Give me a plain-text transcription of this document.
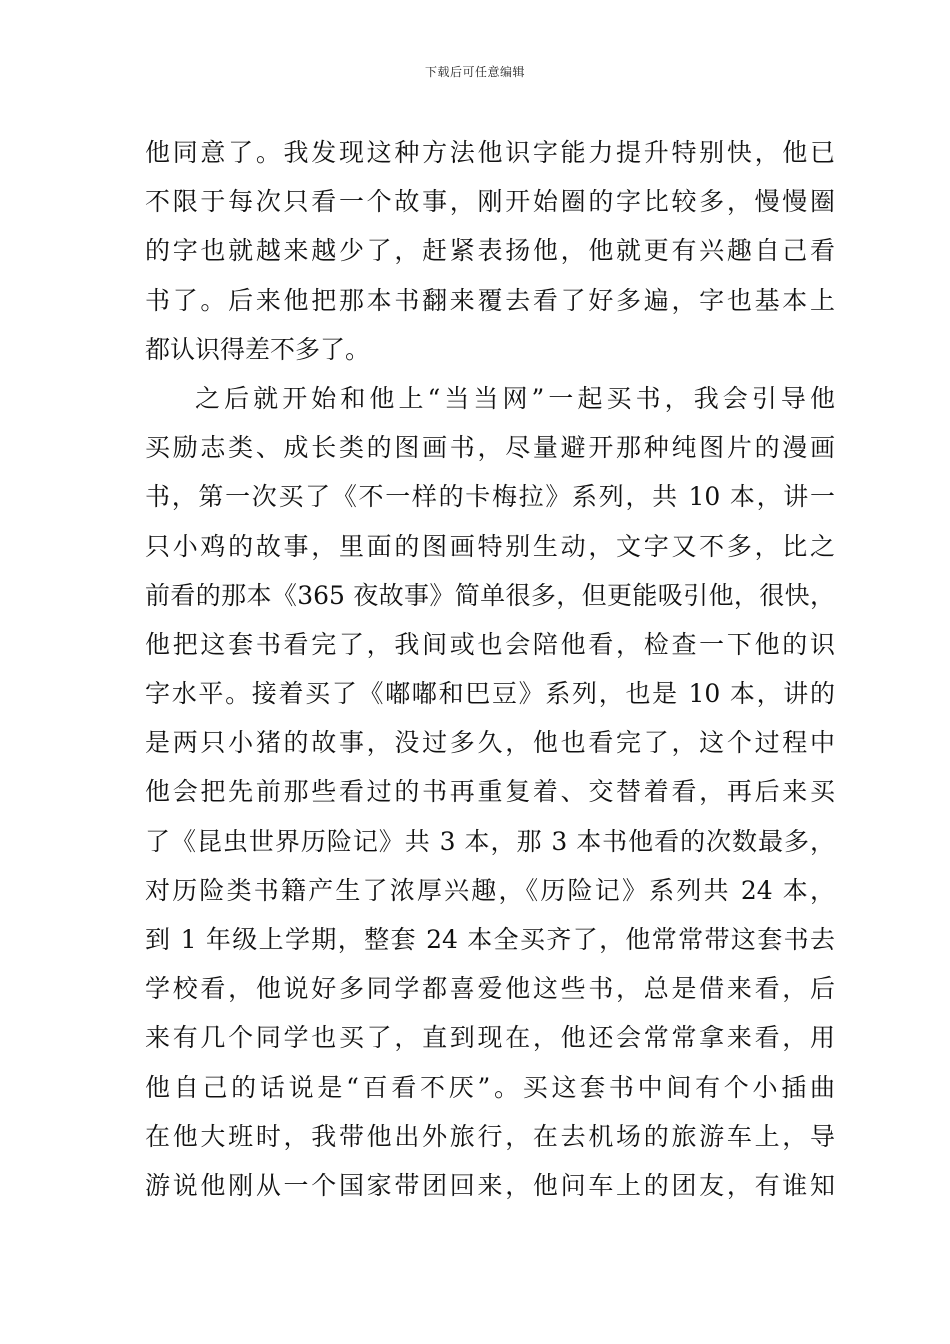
下载后可任意编辑
他同意了。我发现这种方法他识字能力提升特别快，他已
不限于每次只看一个故事，刚开始圈的字比较多，慢慢圈
的字也就越来越少了，赶紧表扬他，他就更有兴趣自己看
书了。后来他把那本书翻来覆去看了好多遍，字也基本上
都认识得差不多了。
之后就开始和他上“当当网”一起买书，我会引导他
买励志类、成长类的图画书，尽量避开那种纯图片的漫画
书，第一次买了《不一样的卡梅拉》系列，共 10 本，讲一
只小鸡的故事，里面的图画特别生动，文字又不多，比之
前看的那本《365 夜故事》简单很多，但更能吸引他，很快，
他把这套书看完了，我间或也会陪他看，检查一下他的识
字水平。接着买了《嘟嘟和巴豆》系列，也是 10 本，讲的
是两只小猪的故事，没过多久，他也看完了，这个过程中
他会把先前那些看过的书再重复着、交替着看，再后来买
了《昆虫世界历险记》共 3 本，那 3 本书他看的次数最多，
对历险类书籍产生了浓厚兴趣，《历险记》系列共 24 本，
到 1 年级上学期，整套 24 本全买齐了，他常常带这套书去
学校看，他说好多同学都喜爱他这些书，总是借来看，后
来有几个同学也买了，直到现在，他还会常常拿来看，用
他自己的话说是“百看不厌”。买这套书中间有个小插曲
在他大班时，我带他出外旅行，在去机场的旅游车上，导
游说他刚从一个国家带团回来，他问车上的团友，有谁知
